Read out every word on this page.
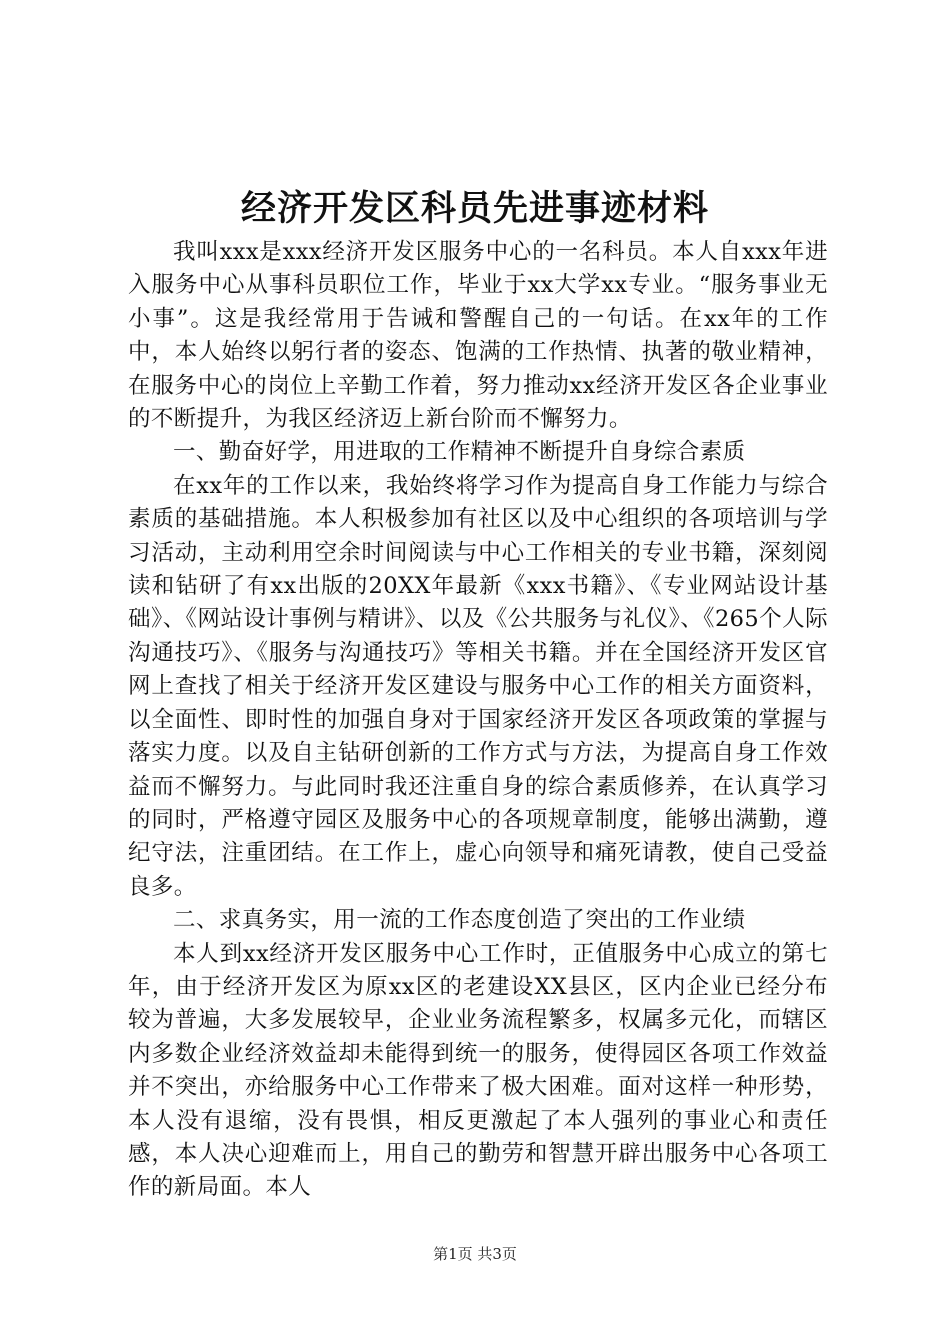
经济开发区科员先进事迹材料

我叫xxx是xxx经济开发区服务中心的一名科员。本人自xxx年进入服务中心从事科员职位工作，毕业于xx大学xx专业。“服务事业无小事”。这是我经常用于告诫和警醒自己的一句话。在xx年的工作中，本人始终以躬行者的姿态、饱满的工作热情、执著的敬业精神，在服务中心的岗位上辛勤工作着，努力推动xx经济开发区各企业事业的不断提升，为我区经济迈上新台阶而不懈努力。

一、勤奋好学，用进取的工作精神不断提升自身综合素质

在xx年的工作以来，我始终将学习作为提高自身工作能力与综合素质的基础措施。本人积极参加有社区以及中心组织的各项培训与学习活动，主动利用空余时间阅读与中心工作相关的专业书籍，深刻阅读和钻研了有xx出版的20XX年最新《xxx书籍》、《专业网站设计基础》、《网站设计事例与精讲》、以及《公共服务与礼仪》、《265个人际沟通技巧》、《服务与沟通技巧》等相关书籍。并在全国经济开发区官网上查找了相关于经济开发区建设与服务中心工作的相关方面资料，以全面性、即时性的加强自身对于国家经济开发区各项政策的掌握与落实力度。以及自主钻研创新的工作方式与方法，为提高自身工作效益而不懈努力。与此同时我还注重自身的综合素质修养，在认真学习的同时，严格遵守园区及服务中心的各项规章制度，能够出满勤，遵纪守法，注重团结。在工作上，虚心向领导和痛死请教，使自己受益良多。

二、求真务实，用一流的工作态度创造了突出的工作业绩

本人到xx经济开发区服务中心工作时，正值服务中心成立的第七年，由于经济开发区为原xx区的老建设XX县区，区内企业已经分布较为普遍，大多发展较早，企业业务流程繁多，权属多元化，而辖区内多数企业经济效益却未能得到统一的服务，使得园区各项工作效益并不突出，亦给服务中心工作带来了极大困难。面对这样一种形势，本人没有退缩，没有畏惧，相反更激起了本人强列的事业心和责任感，本人决心迎难而上，用自己的勤劳和智慧开辟出服务中心各项工作的新局面。本人

第1页 共3页
